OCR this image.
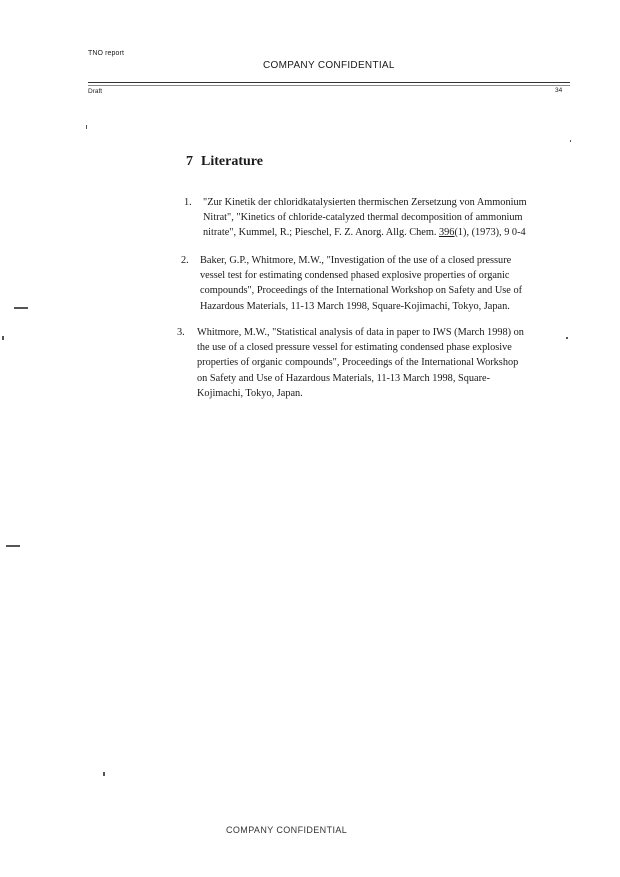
TNO report
COMPANY CONFIDENTIAL
Draft	34
7 Literature
1. "Zur Kinetik der chloridkatalysierten thermischen Zersetzung von Ammonium
Nitrat", "Kinetics of chloride-catalyzed thermal decomposition of ammonium
nitrate", Kummel, R.; Pieschel, F. Z. Anorg. Allg. Chem. 396(1), (1973), 9 0-4
2. Baker, G.P., Whitmore, M.W., "Investigation of the use of a closed pressure
vessel test for estimating condensed phased explosive properties of organic
compounds", Proceedings of the International Workshop on Safety and Use of
Hazardous Materials, 11-13 March 1998, Square-Kojimachi, Tokyo, Japan.
3. Whitmore, M.W., "Statistical analysis of data in paper to IWS (March 1998) on
the use of a closed pressure vessel for estimating condensed phase explosive
properties of organic compounds", Proceedings of the International Workshop
on Safety and Use of Hazardous Materials, 11-13 March 1998, Square-
Kojimachi, Tokyo, Japan.
COMPANY CONFIDENTIAL
